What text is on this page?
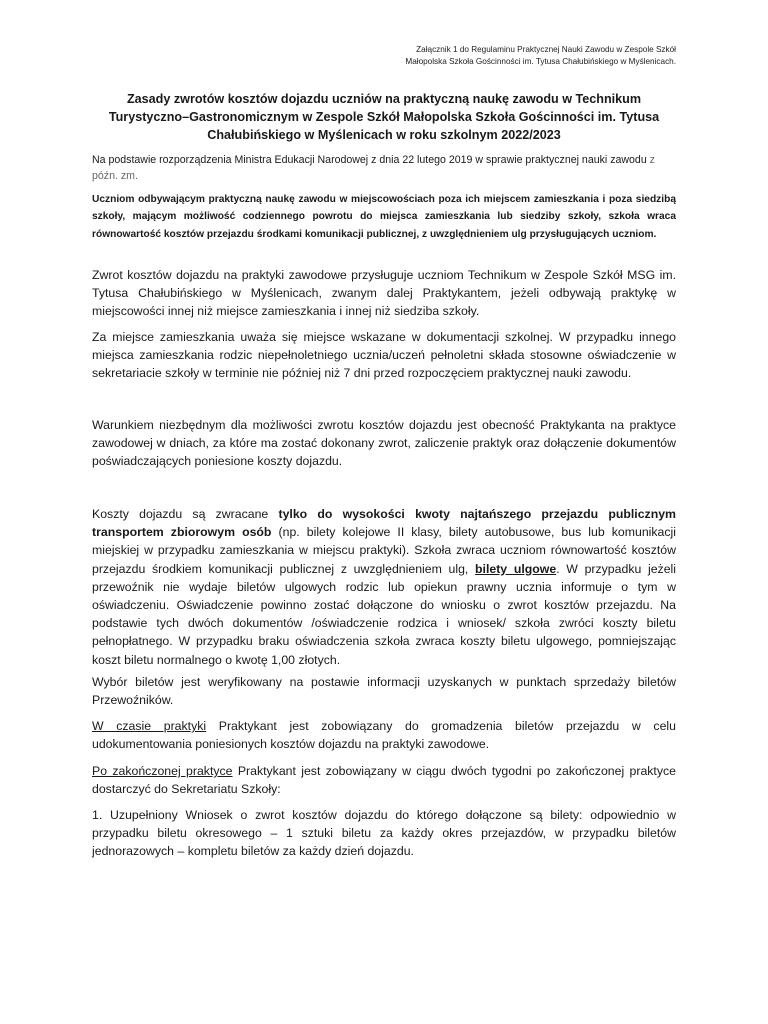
Załącznik 1 do Regulaminu Praktycznej Nauki Zawodu w Zespole Szkół
Małopolska Szkoła Gościnności im. Tytusa Chałubińskiego w Myślenicach.
Zasady zwrotów kosztów dojazdu uczniów na praktyczną naukę zawodu w Technikum
Turystyczno–Gastronomicznym w Zespole Szkół Małopolska Szkoła Gościnności im. Tytusa
Chałubińskiego w Myślenicach w roku szkolnym 2022/2023

Na podstawie rozporządzenia Ministra Edukacji Narodowej z dnia 22 lutego 2019 w sprawie praktycznej nauki zawodu z późn. zm.

Uczniom odbywającym praktyczną naukę zawodu w miejscowościach poza ich miejscem zamieszkania i poza siedzibą szkoły, mającym możliwość codziennego powrotu do miejsca zamieszkania lub siedziby szkoły, szkoła wraca równowartość kosztów przejazdu środkami komunikacji publicznej, z uwzględnieniem ulg przysługujących uczniom.

Zwrot kosztów dojazdu na praktyki zawodowe przysługuje uczniom Technikum w Zespole Szkół MSG im. Tytusa Chałubińskiego w Myślenicach, zwanym dalej Praktykantem, jeżeli odbywają praktykę w miejscowości innej niż miejsce zamieszkania i innej niż siedziba szkoły.

Za miejsce zamieszkania uważa się miejsce wskazane w dokumentacji szkolnej. W przypadku innego miejsca zamieszkania rodzic niepełnoletniego ucznia/uczeń pełnoletni składa stosowne oświadczenie w sekretariacie szkoły w terminie nie później niż 7 dni przed rozpoczęciem praktycznej nauki zawodu.

Warunkiem niezbędnym dla możliwości zwrotu kosztów dojazdu jest obecność Praktykanta na praktyce zawodowej w dniach, za które ma zostać dokonany zwrot, zaliczenie praktyk oraz dołączenie dokumentów poświadczających poniesione koszty dojazdu.

Koszty dojazdu są zwracane tylko do wysokości kwoty najtańszego przejazdu publicznym transportem zbiorowym osób (np. bilety kolejowe II klasy, bilety autobusowe, bus lub komunikacji miejskiej w przypadku zamieszkania w miejscu praktyki). Szkoła zwraca uczniom równowartość kosztów przejazdu środkiem komunikacji publicznej z uwzględnieniem ulg, bilety ulgowe. W przypadku jeżeli przewoźnik nie wydaje biletów ulgowych rodzic lub opiekun prawny ucznia informuje o tym w oświadczeniu. Oświadczenie powinno zostać dołączone do wniosku o zwrot kosztów przejazdu. Na podstawie tych dwóch dokumentów /oświadczenie rodzica i wniosek/ szkoła zwróci koszty biletu pełnopłatnego. W przypadku braku oświadczenia szkoła zwraca koszty biletu ulgowego, pomniejszając koszt biletu normalnego o kwotę 1,00 złotych.

Wybór biletów jest weryfikowany na postawie informacji uzyskanych w punktach sprzedaży biletów Przewoźników.

W czasie praktyki Praktykant jest zobowiązany do gromadzenia biletów przejazdu w celu udokumentowania poniesionych kosztów dojazdu na praktyki zawodowe.

Po zakończonej praktyce Praktykant jest zobowiązany w ciągu dwóch tygodni po zakończonej praktyce dostarczyć do Sekretariatu Szkoły:

1. Uzupełniony Wniosek o zwrot kosztów dojazdu do którego dołączone są bilety: odpowiednio w przypadku biletu okresowego – 1 sztuki biletu za każdy okres przejazdów, w przypadku biletów jednorazowych – kompletu biletów za każdy dzień dojazdu.
